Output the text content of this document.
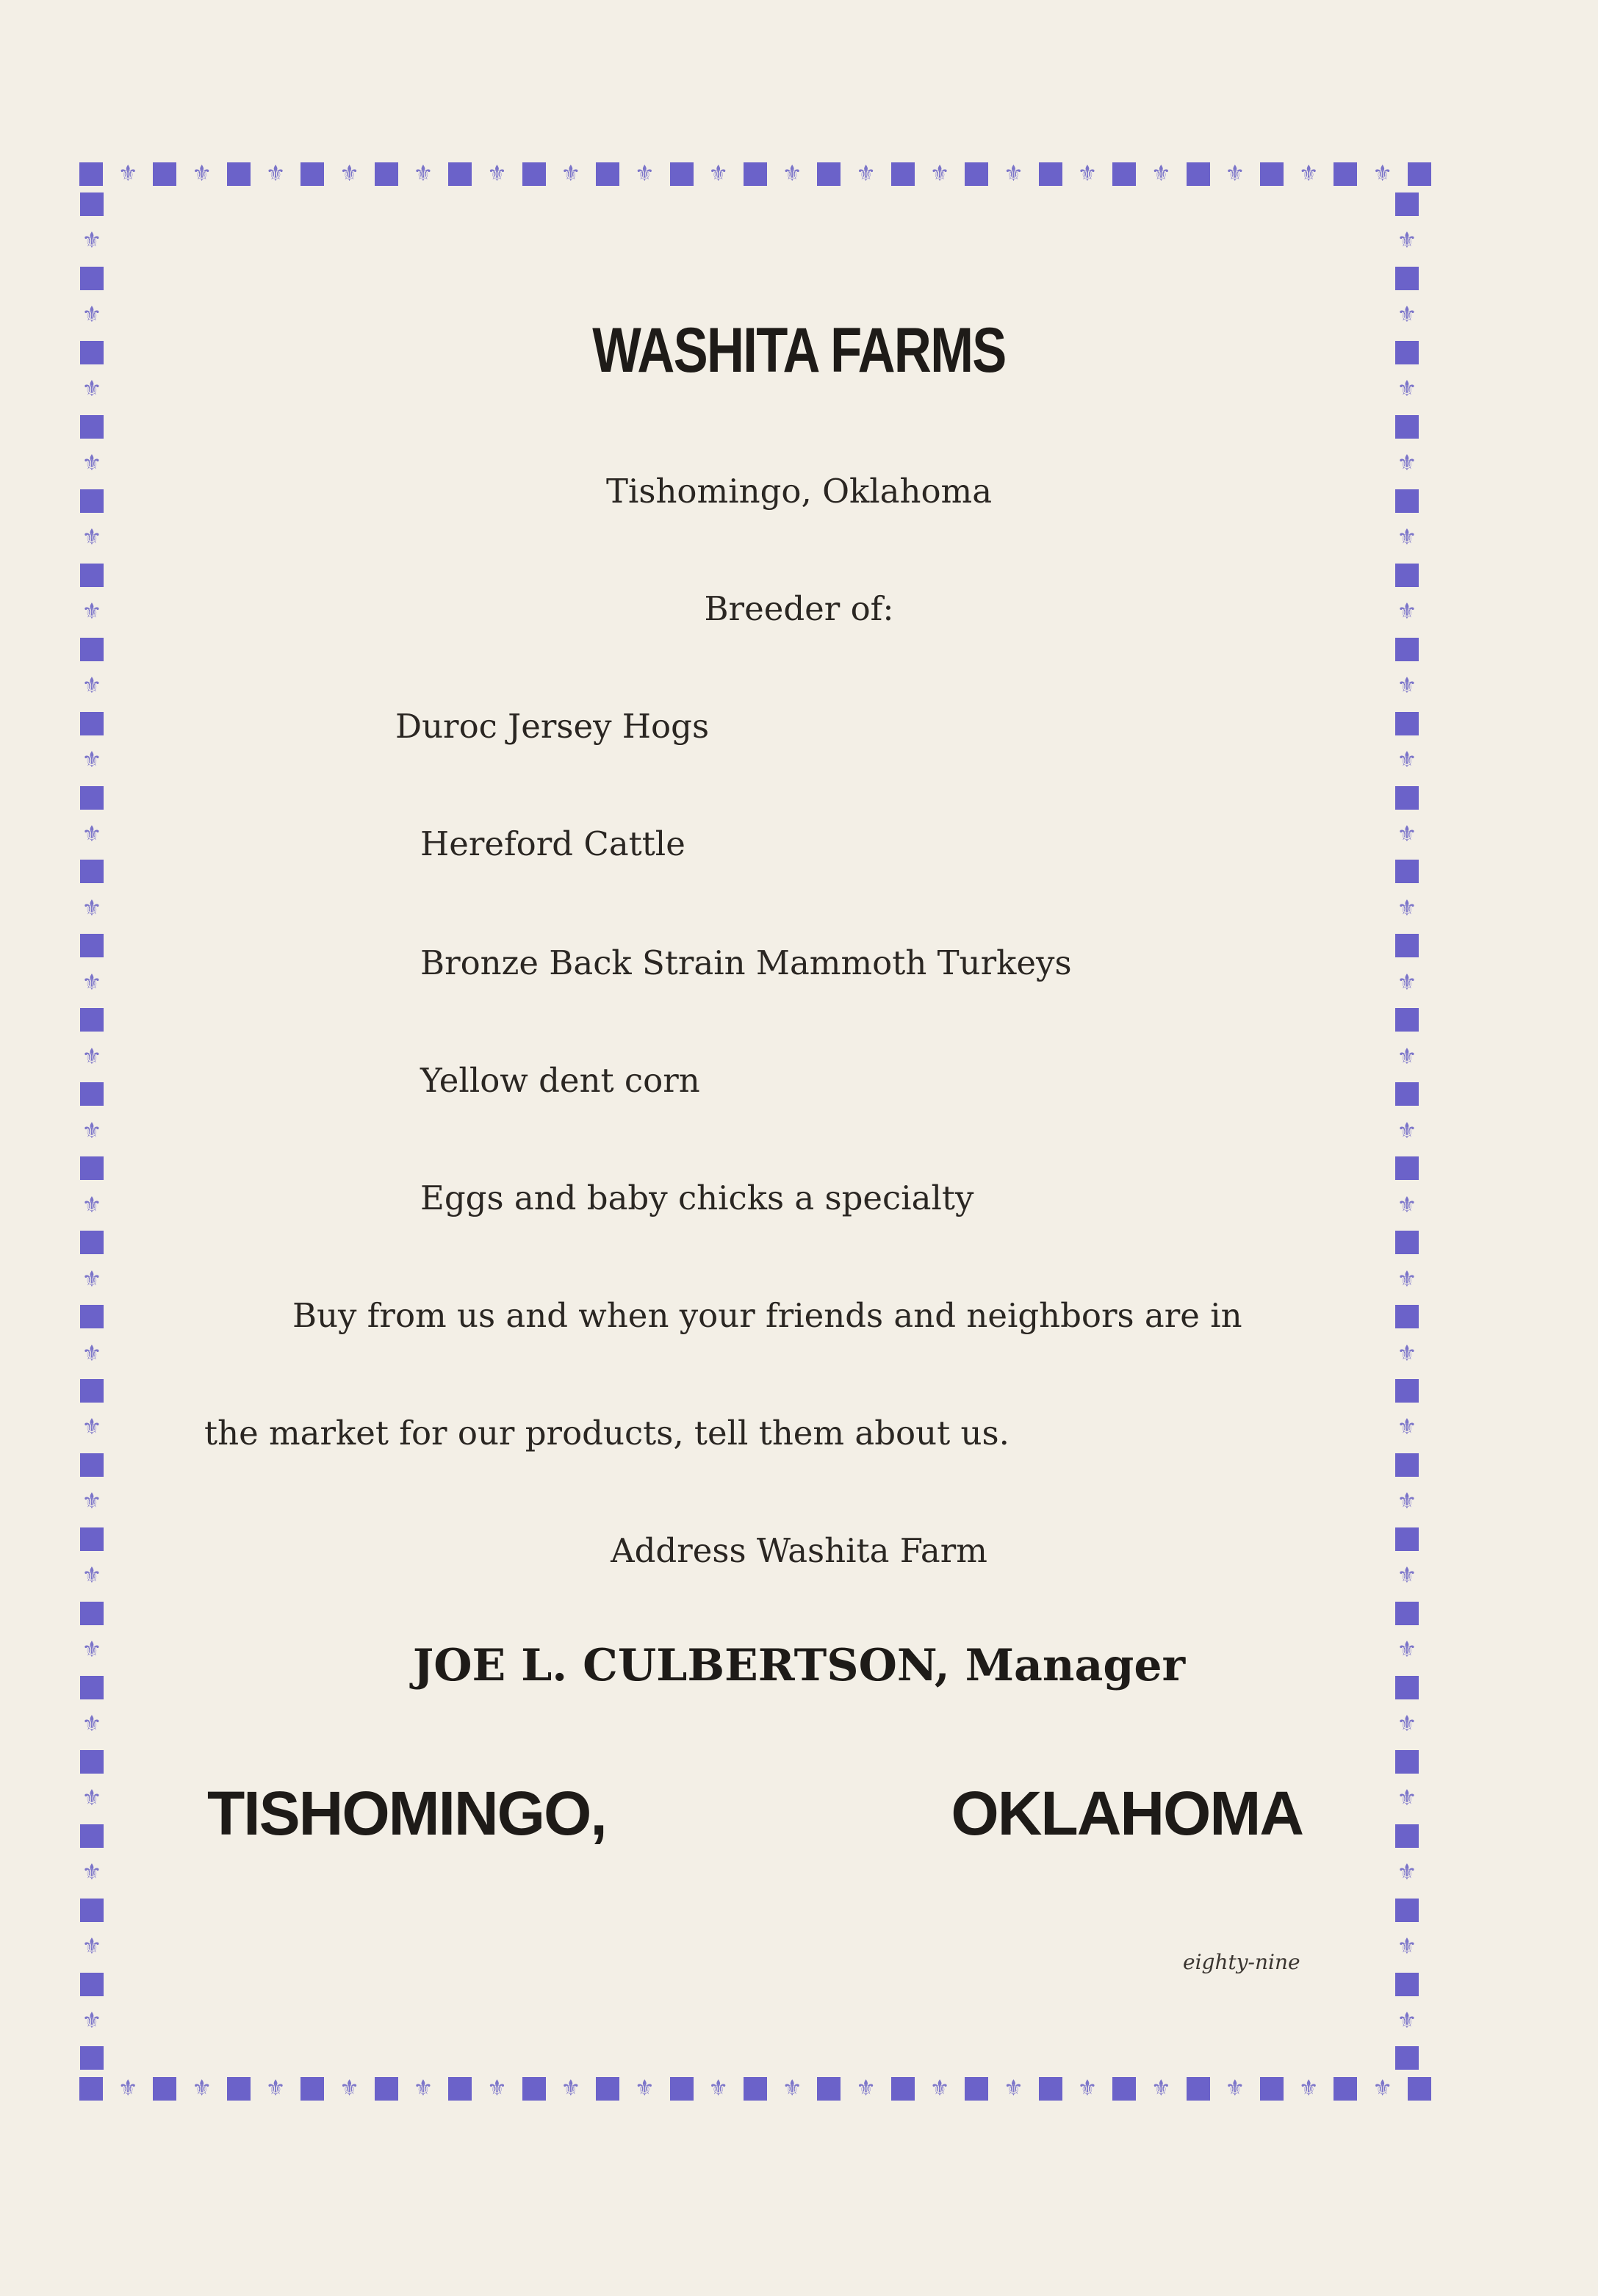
⚜ ⚜ ⚜ ⚜ ⚜ ⚜ ⚜ ⚜ ⚜ ⚜ ⚜ ⚜ ⚜ ⚜ ⚜ ⚜ ⚜ ⚜
⚜ ⚜ ⚜ ⚜ ⚜ ⚜ ⚜ ⚜ ⚜ ⚜ ⚜ ⚜ ⚜ ⚜ ⚜ ⚜ ⚜ ⚜
⚜
⚜
⚜
⚜
⚜
⚜
⚜
⚜
⚜
⚜
⚜
⚜
⚜
⚜
⚜
⚜
⚜
⚜
⚜
⚜
⚜
⚜
⚜
⚜
⚜
⚜
⚜
⚜
⚜
⚜
⚜
⚜
⚜
⚜
⚜
⚜
⚜
⚜
⚜
⚜
⚜
⚜
⚜
⚜
⚜
⚜
⚜
⚜
⚜
⚜
WASHITA FARMS
Tishomingo, Oklahoma
Breeder of:
Duroc Jersey Hogs
Hereford Cattle
Bronze Back Strain Mammoth Turkeys
Yellow dent corn
Eggs and baby chicks a specialty
Buy from us and when your friends and neighbors are in
the market for our products, tell them about us.
Address Washita Farm
JOE L. CULBERTSON, Manager
TISHOMINGO,	OKLAHOMA
eighty-nine
